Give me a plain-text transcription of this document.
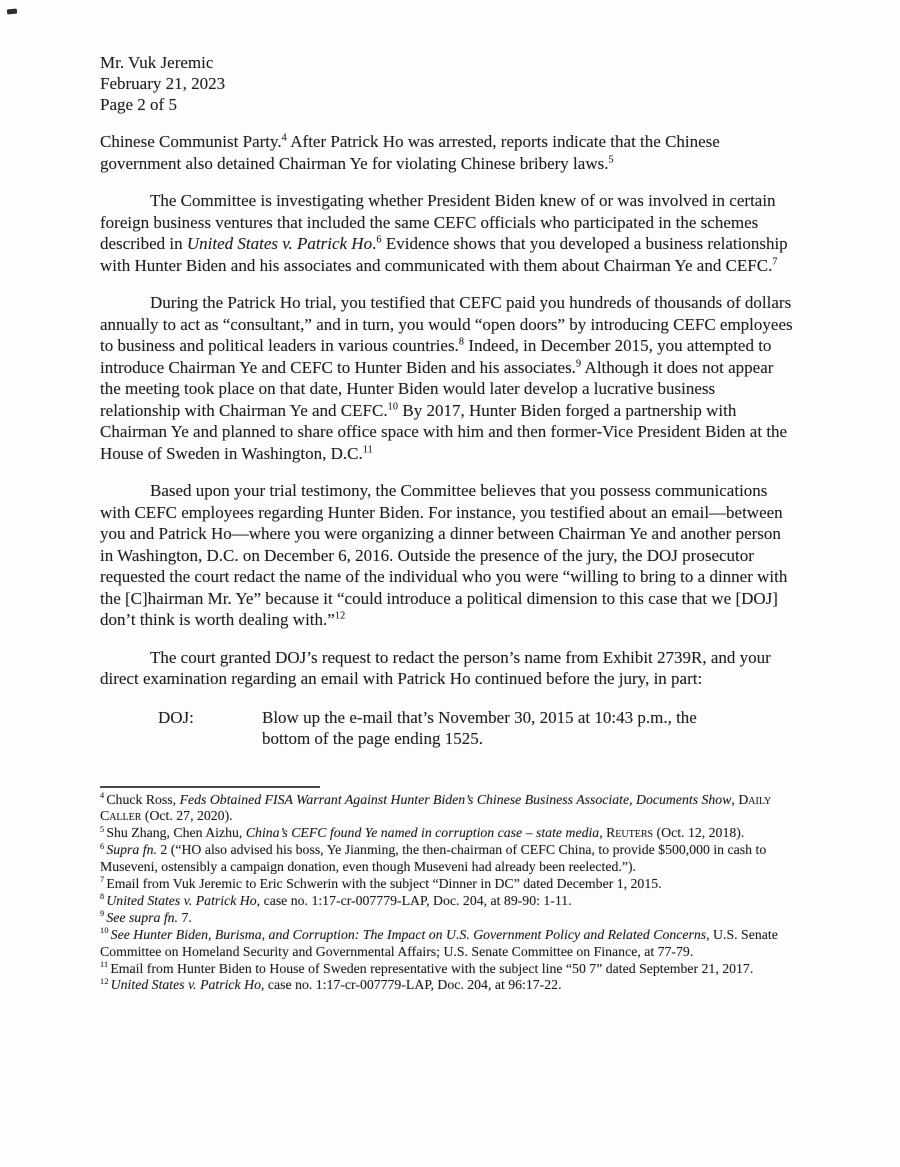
Mr. Vuk Jeremic
February 21, 2023
Page 2 of 5

Chinese Communist Party.$^4$ After Patrick Ho was arrested, reports indicate that the Chinese government also detained Chairman Ye for violating Chinese bribery laws.$^5$

The Committee is investigating whether President Biden knew of or was involved in certain foreign business ventures that included the same CEFC officials who participated in the schemes described in United States v. Patrick Ho.$^6$ Evidence shows that you developed a business relationship with Hunter Biden and his associates and communicated with them about Chairman Ye and CEFC.$^7$

During the Patrick Ho trial, you testified that CEFC paid you hundreds of thousands of dollars annually to act as “consultant,” and in turn, you would “open doors” by introducing CEFC employees to business and political leaders in various countries.$^8$ Indeed, in December 2015, you attempted to introduce Chairman Ye and CEFC to Hunter Biden and his associates.$^9$ Although it does not appear the meeting took place on that date, Hunter Biden would later develop a lucrative business relationship with Chairman Ye and CEFC.$^{10}$ By 2017, Hunter Biden forged a partnership with Chairman Ye and planned to share office space with him and then former-Vice President Biden at the House of Sweden in Washington, D.C.$^{11}$

Based upon your trial testimony, the Committee believes that you possess communications with CEFC employees regarding Hunter Biden. For instance, you testified about an email—between you and Patrick Ho—where you were organizing a dinner between Chairman Ye and another person in Washington, D.C. on December 6, 2016. Outside the presence of the jury, the DOJ prosecutor requested the court redact the name of the individual who you were “willing to bring to a dinner with the [C]hairman Mr. Ye” because it “could introduce a political dimension to this case that we [DOJ] don’t think is worth dealing with.”$^{12}$

The court granted DOJ’s request to redact the person’s name from Exhibit 2739R, and your direct examination regarding an email with Patrick Ho continued before the jury, in part:

DOJ:	Blow up the e-mail that’s November 30, 2015 at 10:43 p.m., the
bottom of the page ending 1525.
$^4$ Chuck Ross, Feds Obtained FISA Warrant Against Hunter Biden’s Chinese Business Associate, Documents Show, Daily Caller (Oct. 27, 2020).
$^5$ Shu Zhang, Chen Aizhu, China’s CEFC found Ye named in corruption case – state media, Reuters (Oct. 12, 2018).
$^6$ Supra fn. 2 (“HO also advised his boss, Ye Jianming, the then-chairman of CEFC China, to provide $500,000 in cash to Museveni, ostensibly a campaign donation, even though Museveni had already been reelected.”).
$^7$ Email from Vuk Jeremic to Eric Schwerin with the subject “Dinner in DC” dated December 1, 2015.
$^8$ United States v. Patrick Ho, case no. 1:17-cr-007779-LAP, Doc. 204, at 89-90: 1-11.
$^9$ See supra fn. 7.
$^{10}$ See Hunter Biden, Burisma, and Corruption: The Impact on U.S. Government Policy and Related Concerns, U.S. Senate Committee on Homeland Security and Governmental Affairs; U.S. Senate Committee on Finance, at 77-79.
$^{11}$ Email from Hunter Biden to House of Sweden representative with the subject line “50 7” dated September 21, 2017.
$^{12}$ United States v. Patrick Ho, case no. 1:17-cr-007779-LAP, Doc. 204, at 96:17-22.
